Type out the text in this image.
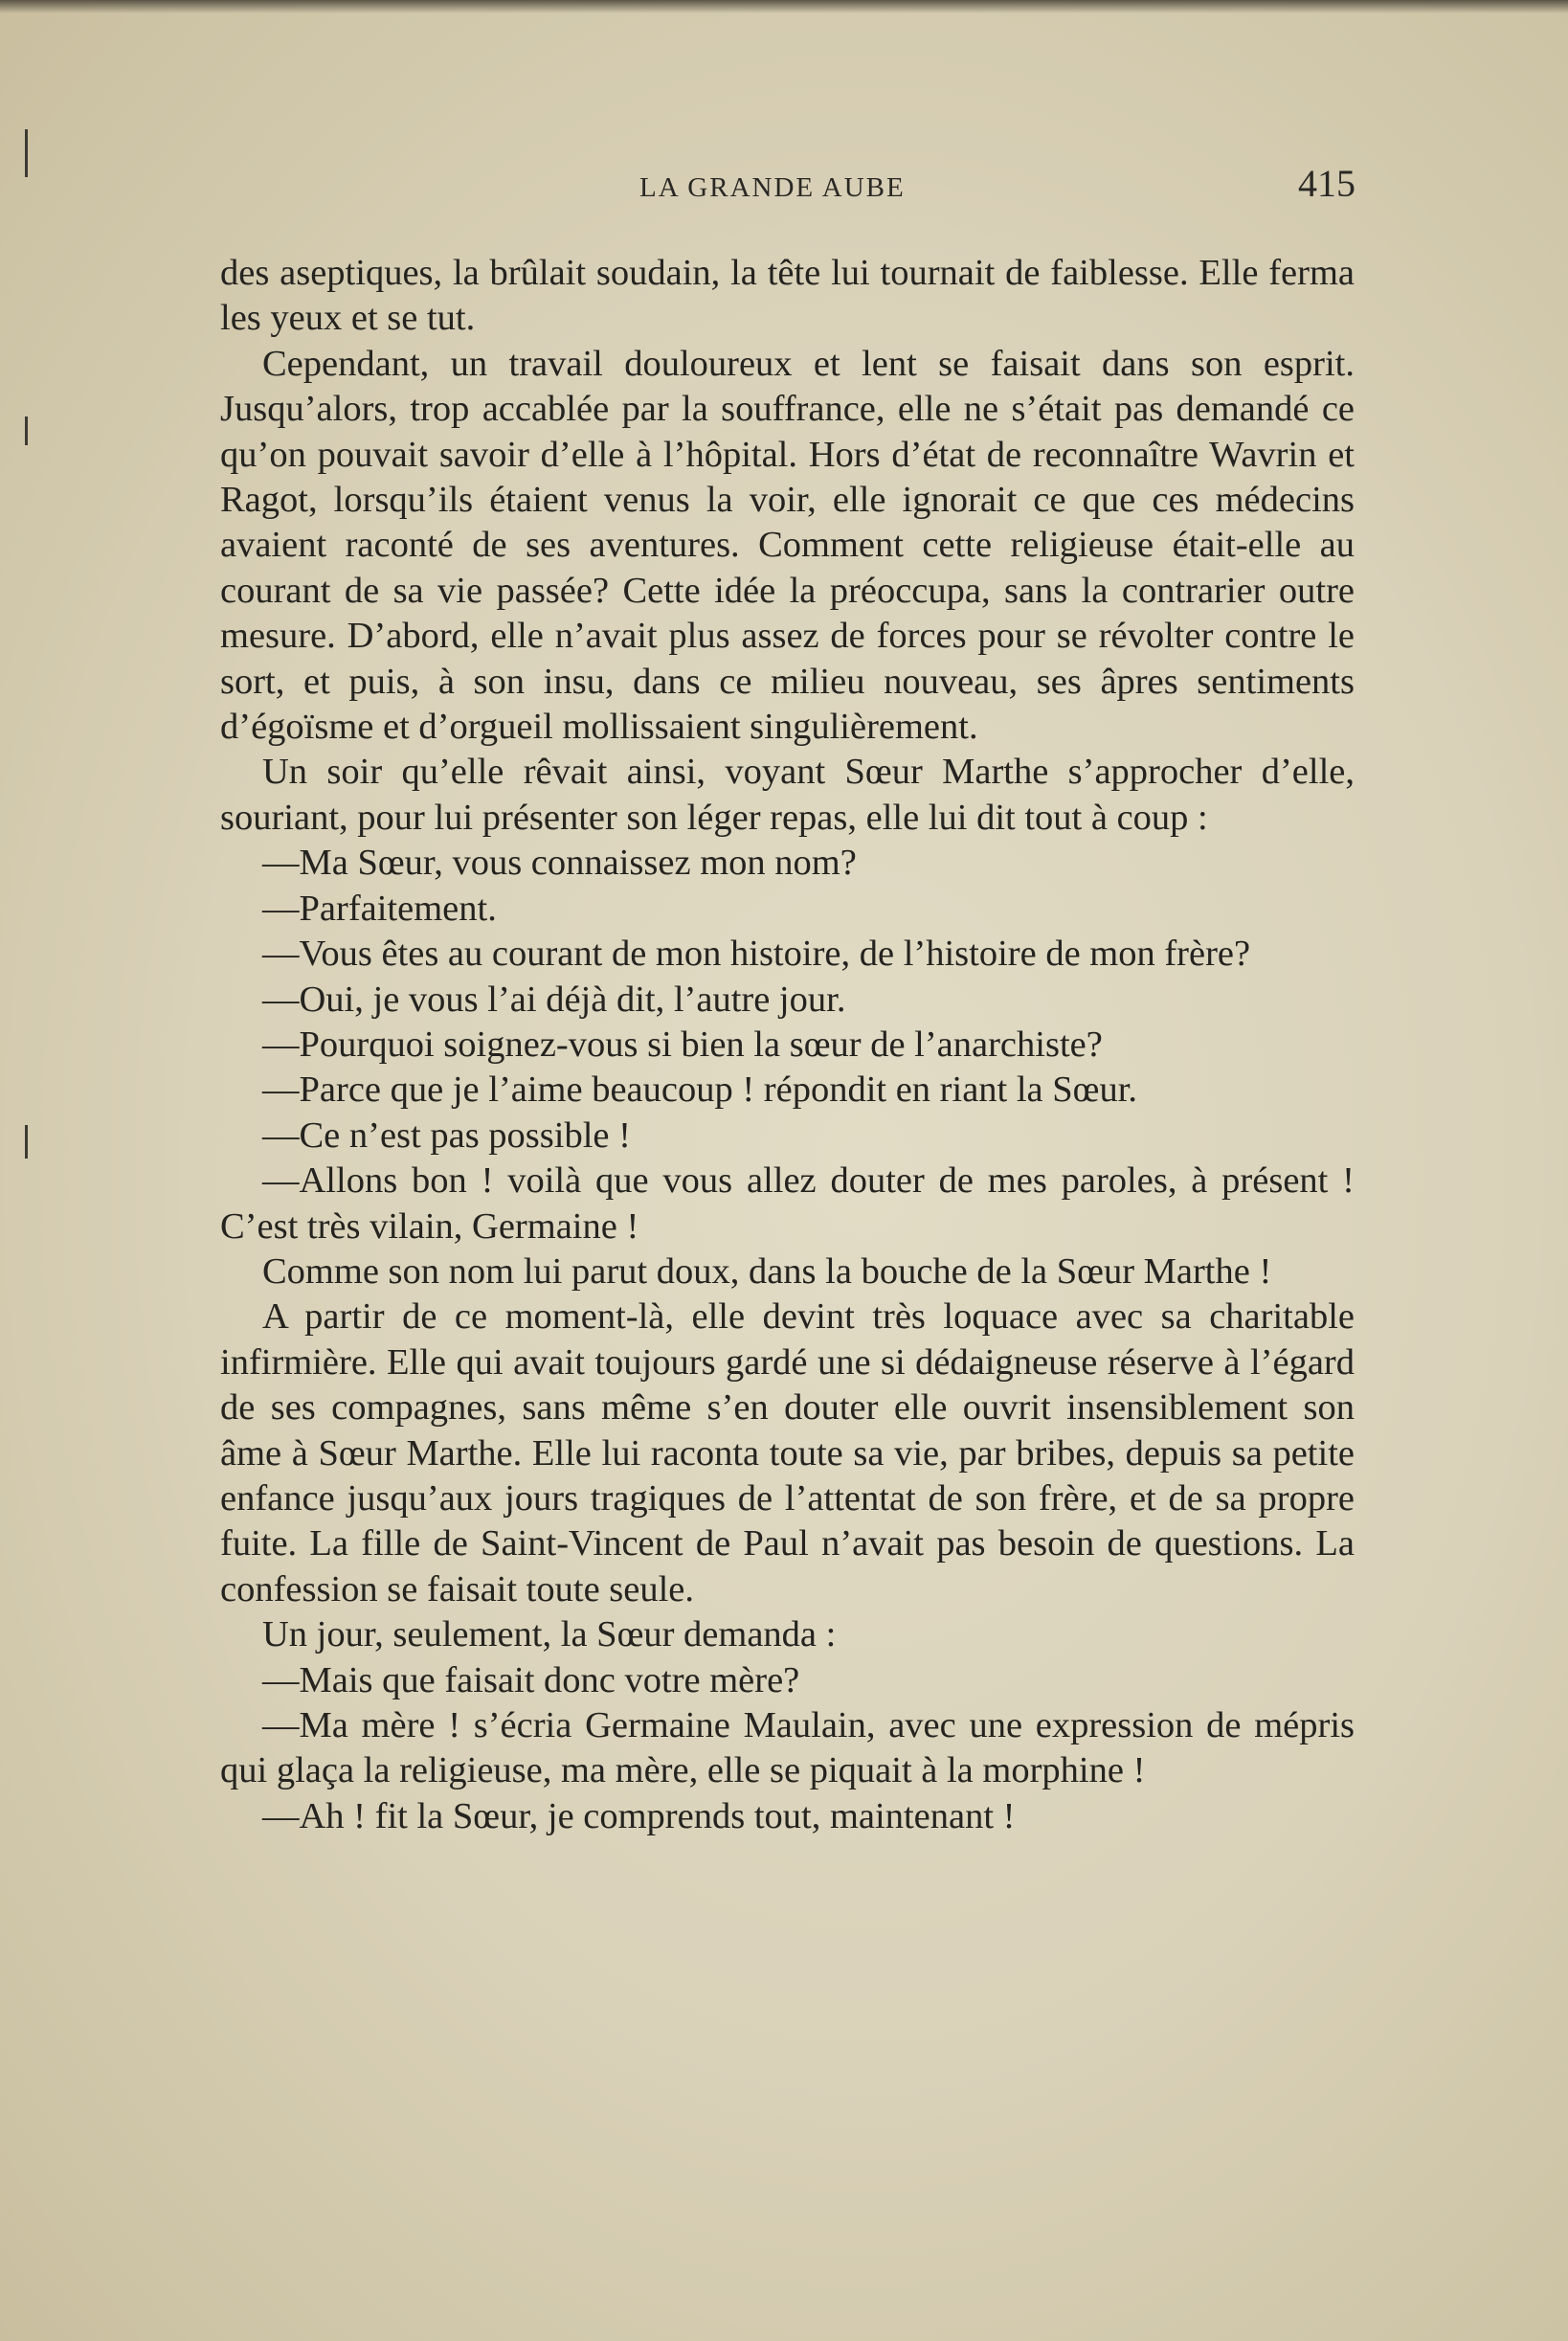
LA GRANDE AUBE	415

des aseptiques, la brûlait soudain, la tête lui tournait de faiblesse. Elle ferma les yeux et se tut.

Cependant, un travail douloureux et lent se faisait dans son esprit. Jusqu’alors, trop accablée par la souffrance, elle ne s’était pas demandé ce qu’on pouvait savoir d’elle à l’hôpital. Hors d’état de reconnaître Wavrin et Ragot, lorsqu’ils étaient venus la voir, elle ignorait ce que ces médecins avaient raconté de ses aventures. Comment cette religieuse était-elle au courant de sa vie passée? Cette idée la préoccupa, sans la contrarier outre mesure. D’abord, elle n’avait plus assez de forces pour se révolter contre le sort, et puis, à son insu, dans ce milieu nouveau, ses âpres sentiments d’égoïsme et d’orgueil mollissaient singulièrement.

Un soir qu’elle rêvait ainsi, voyant Sœur Marthe s’approcher d’elle, souriant, pour lui présenter son léger repas, elle lui dit tout à coup :

—Ma Sœur, vous connaissez mon nom?

—Parfaitement.

—Vous êtes au courant de mon histoire, de l’histoire de mon frère?

—Oui, je vous l’ai déjà dit, l’autre jour.

—Pourquoi soignez-vous si bien la sœur de l’anarchiste?

—Parce que je l’aime beaucoup ! répondit en riant la Sœur.

—Ce n’est pas possible !

—Allons bon ! voilà que vous allez douter de mes paroles, à présent ! C’est très vilain, Germaine !

Comme son nom lui parut doux, dans la bouche de la Sœur Marthe !

A partir de ce moment-là, elle devint très loquace avec sa charitable infirmière. Elle qui avait toujours gardé une si dédaigneuse réserve à l’égard de ses compagnes, sans même s’en douter elle ouvrit insensiblement son âme à Sœur Marthe. Elle lui raconta toute sa vie, par bribes, depuis sa petite enfance jusqu’aux jours tragiques de l’attentat de son frère, et de sa propre fuite. La fille de Saint-Vincent de Paul n’avait pas besoin de questions. La confession se faisait toute seule.

Un jour, seulement, la Sœur demanda :

—Mais que faisait donc votre mère?

—Ma mère ! s’écria Germaine Maulain, avec une expression de mépris qui glaça la religieuse, ma mère, elle se piquait à la morphine !

—Ah ! fit la Sœur, je comprends tout, maintenant !
